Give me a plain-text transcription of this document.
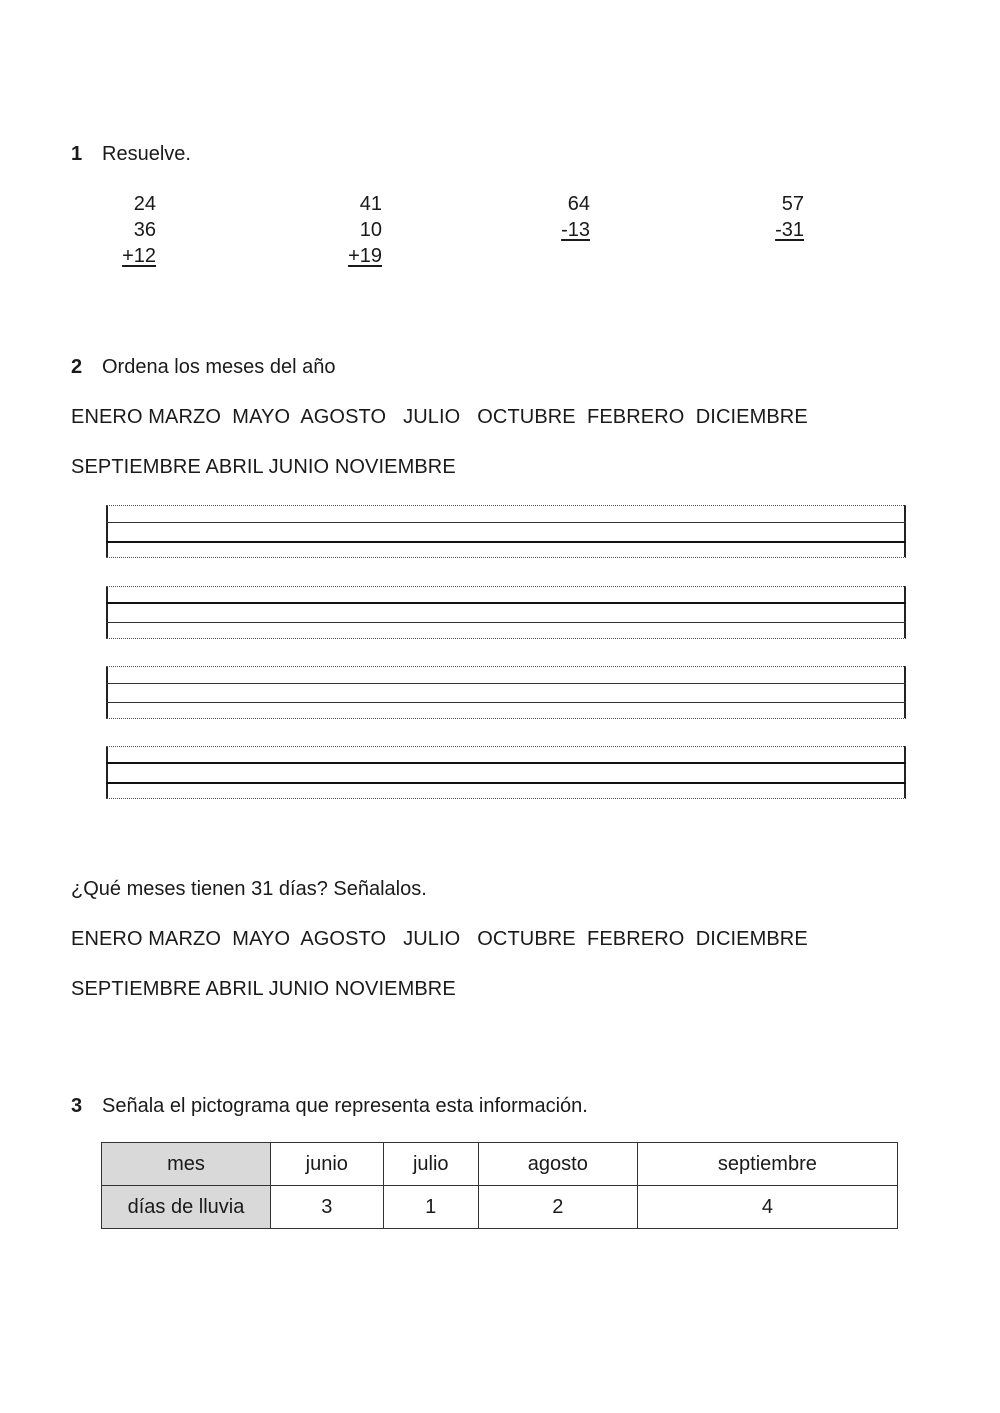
1 Resuelve.
24
36
+12
41
10
+19
64
-13
57
-31
2 Ordena los meses del año
ENERO MARZO  MAYO  AGOSTO   JULIO   OCTUBRE  FEBRERO  DICIEMBRE
SEPTIEMBRE ABRIL JUNIO NOVIEMBRE
¿Qué meses tienen 31 días? Señalalos.
ENERO MARZO  MAYO  AGOSTO   JULIO   OCTUBRE  FEBRERO  DICIEMBRE
SEPTIEMBRE ABRIL JUNIO NOVIEMBRE
3 Señala el pictograma que representa esta información.
mes	junio	julio	agosto	septiembre
días de lluvia	3	1	2	4
